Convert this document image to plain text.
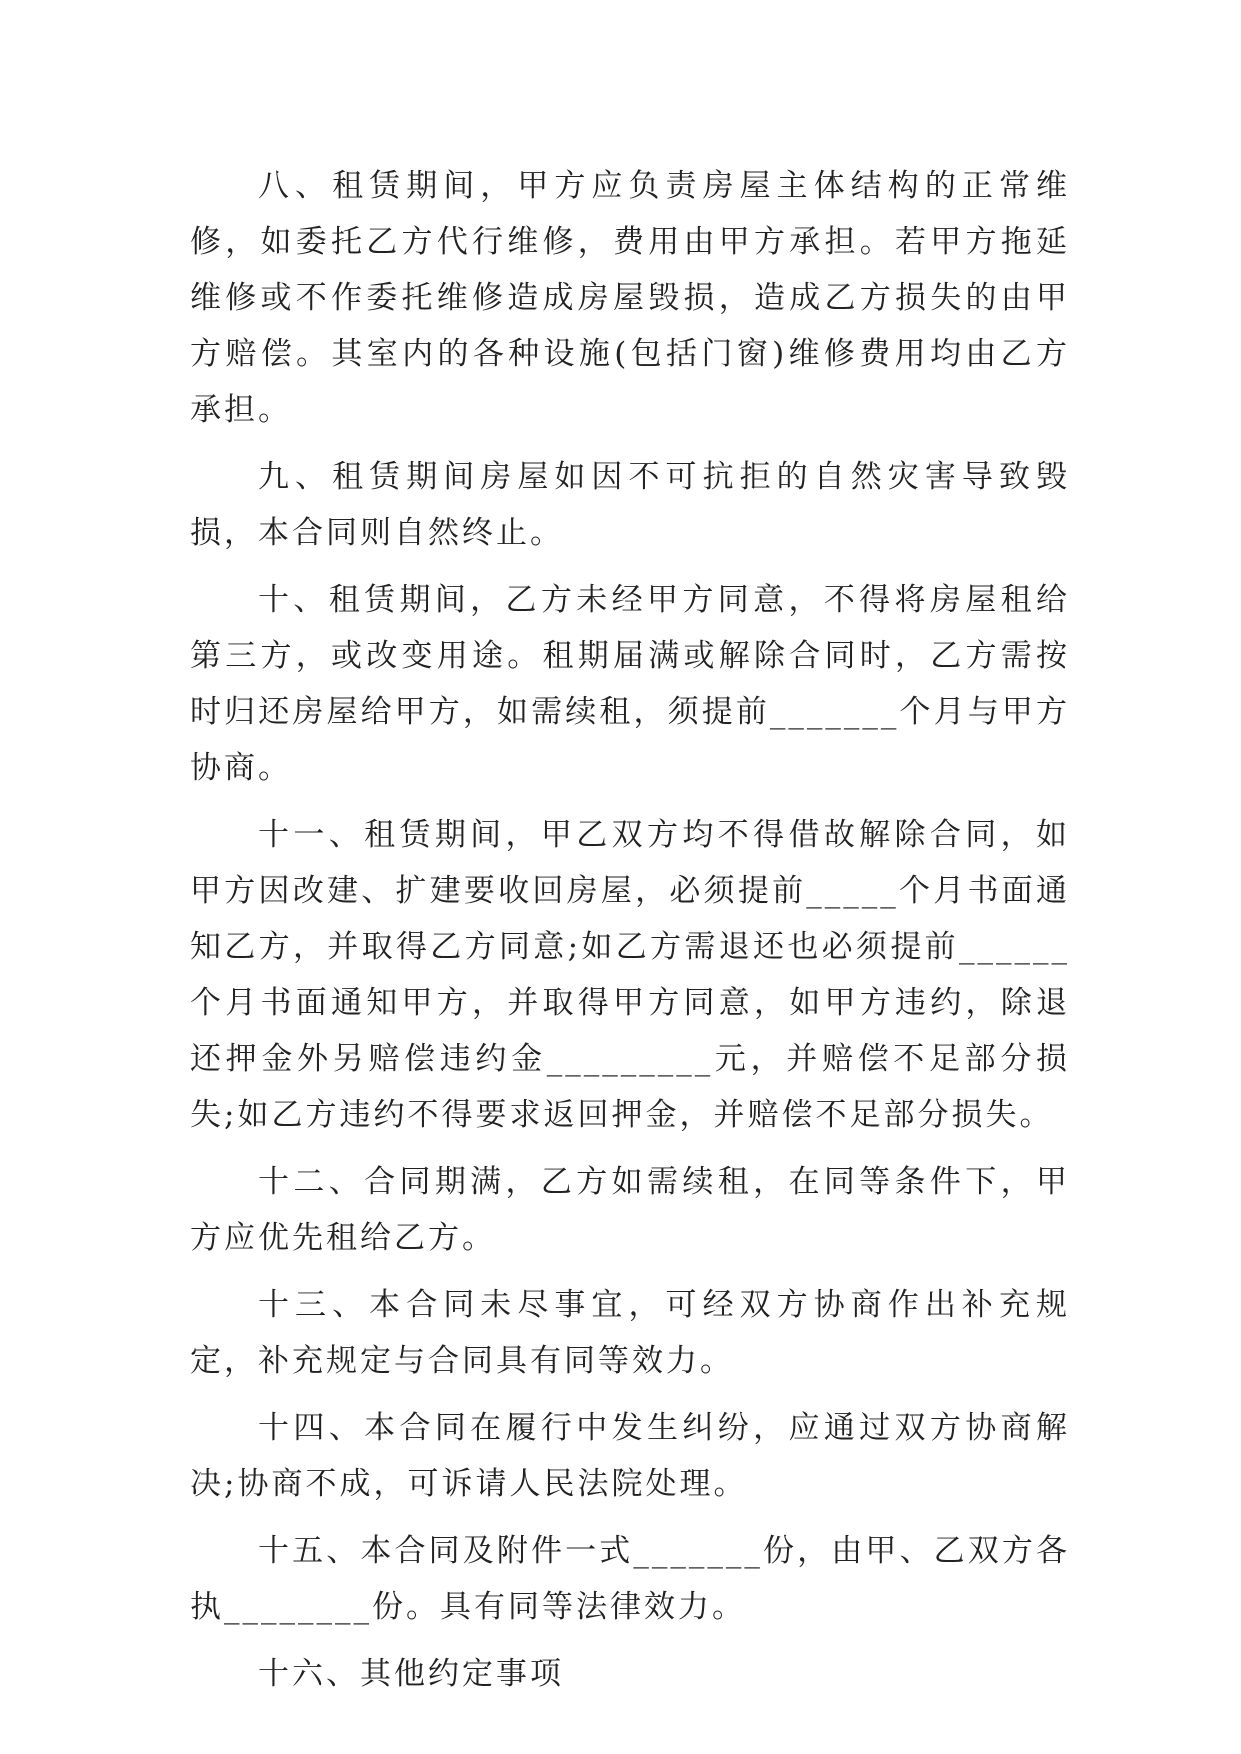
八、租赁期间，甲方应负责房屋主体结构的正常维修，如委托乙方代行维修，费用由甲方承担。若甲方拖延维修或不作委托维修造成房屋毁损，造成乙方损失的由甲方赔偿。其室内的各种设施(包括门窗)维修费用均由乙方承担。

九、租赁期间房屋如因不可抗拒的自然灾害导致毁损，本合同则自然终止。

十、租赁期间，乙方未经甲方同意，不得将房屋租给第三方，或改变用途。租期届满或解除合同时，乙方需按时归还房屋给甲方，如需续租，须提前_______个月与甲方协商。

十一、租赁期间，甲乙双方均不得借故解除合同，如甲方因改建、扩建要收回房屋，必须提前_____个月书面通知乙方，并取得乙方同意;如乙方需退还也必须提前______个月书面通知甲方，并取得甲方同意，如甲方违约，除退还押金外另赔偿违约金_________元，并赔偿不足部分损失;如乙方违约不得要求返回押金，并赔偿不足部分损失。

十二、合同期满，乙方如需续租，在同等条件下，甲方应优先租给乙方。

十三、本合同未尽事宜，可经双方协商作出补充规定，补充规定与合同具有同等效力。

十四、本合同在履行中发生纠纷，应通过双方协商解决;协商不成，可诉请人民法院处理。

十五、本合同及附件一式_______份，由甲、乙双方各执________份。具有同等法律效力。

十六、其他约定事项
